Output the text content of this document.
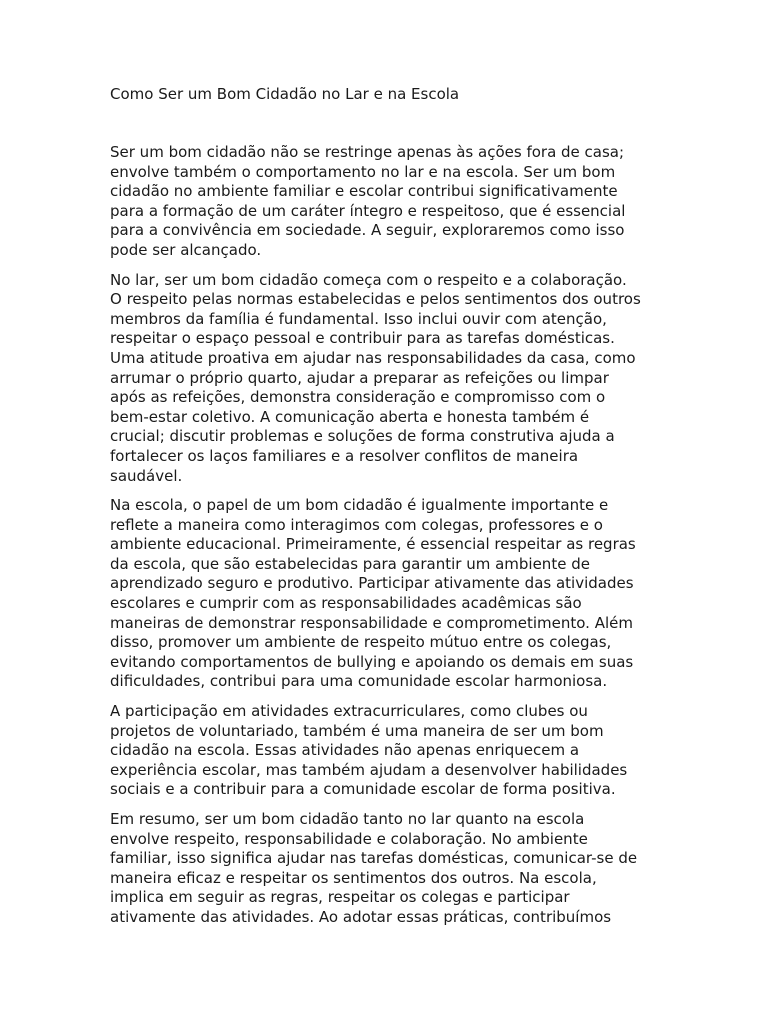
Como Ser um Bom Cidadão no Lar e na Escola

Ser um bom cidadão não se restringe apenas às ações fora de casa;
envolve também o comportamento no lar e na escola. Ser um bom
cidadão no ambiente familiar e escolar contribui significativamente
para a formação de um caráter íntegro e respeitoso, que é essencial
para a convivência em sociedade. A seguir, exploraremos como isso
pode ser alcançado.

No lar, ser um bom cidadão começa com o respeito e a colaboração.
O respeito pelas normas estabelecidas e pelos sentimentos dos outros
membros da família é fundamental. Isso inclui ouvir com atenção,
respeitar o espaço pessoal e contribuir para as tarefas domésticas.
Uma atitude proativa em ajudar nas responsabilidades da casa, como
arrumar o próprio quarto, ajudar a preparar as refeições ou limpar
após as refeições, demonstra consideração e compromisso com o
bem-estar coletivo. A comunicação aberta e honesta também é
crucial; discutir problemas e soluções de forma construtiva ajuda a
fortalecer os laços familiares e a resolver conflitos de maneira
saudável.

Na escola, o papel de um bom cidadão é igualmente importante e
reflete a maneira como interagimos com colegas, professores e o
ambiente educacional. Primeiramente, é essencial respeitar as regras
da escola, que são estabelecidas para garantir um ambiente de
aprendizado seguro e produtivo. Participar ativamente das atividades
escolares e cumprir com as responsabilidades acadêmicas são
maneiras de demonstrar responsabilidade e comprometimento. Além
disso, promover um ambiente de respeito mútuo entre os colegas,
evitando comportamentos de bullying e apoiando os demais em suas
dificuldades, contribui para uma comunidade escolar harmoniosa.

A participação em atividades extracurriculares, como clubes ou
projetos de voluntariado, também é uma maneira de ser um bom
cidadão na escola. Essas atividades não apenas enriquecem a
experiência escolar, mas também ajudam a desenvolver habilidades
sociais e a contribuir para a comunidade escolar de forma positiva.

Em resumo, ser um bom cidadão tanto no lar quanto na escola
envolve respeito, responsabilidade e colaboração. No ambiente
familiar, isso significa ajudar nas tarefas domésticas, comunicar-se de
maneira eficaz e respeitar os sentimentos dos outros. Na escola,
implica em seguir as regras, respeitar os colegas e participar
ativamente das atividades. Ao adotar essas práticas, contribuímos
